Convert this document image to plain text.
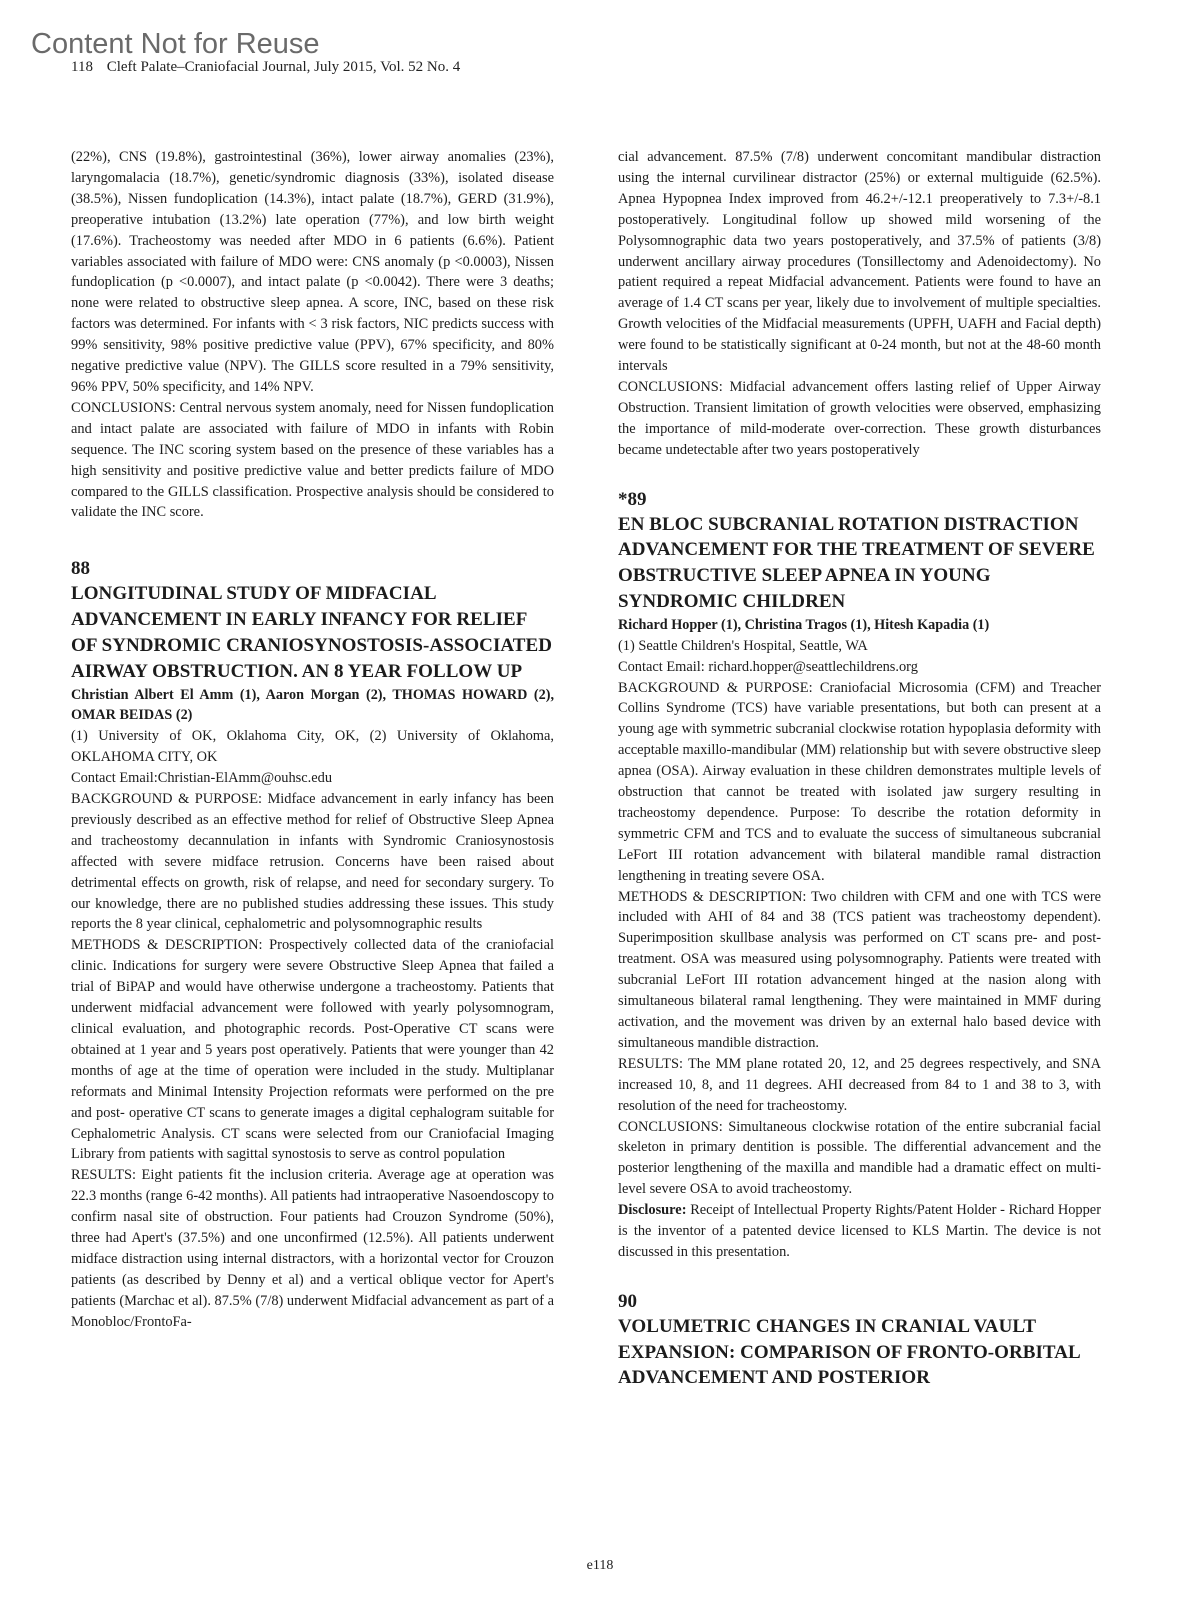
Content Not for Reuse
118 Cleft Palate–Craniofacial Journal, July 2015, Vol. 52 No. 4

(22%), CNS (19.8%), gastrointestinal (36%), lower airway anomalies (23%), laryngomalacia (18.7%), genetic/syndromic diagnosis (33%), isolated disease (38.5%), Nissen fundoplication (14.3%), intact palate (18.7%), GERD (31.9%), preoperative intubation (13.2%) late operation (77%), and low birth weight (17.6%). Tracheostomy was needed after MDO in 6 patients (6.6%). Patient variables associated with failure of MDO were: CNS anomaly (p <0.0003), Nissen fundoplication (p <0.0007), and intact palate (p <0.0042). There were 3 deaths; none were related to obstructive sleep apnea. A score, INC, based on these risk factors was determined. For infants with < 3 risk factors, NIC predicts success with 99% sensitivity, 98% positive predictive value (PPV), 67% specificity, and 80% negative predictive value (NPV). The GILLS score resulted in a 79% sensitivity, 96% PPV, 50% specificity, and 14% NPV.

CONCLUSIONS: Central nervous system anomaly, need for Nissen fundoplication and intact palate are associated with failure of MDO in infants with Robin sequence. The INC scoring system based on the presence of these variables has a high sensitivity and positive predictive value and better predicts failure of MDO compared to the GILLS classification. Prospective analysis should be considered to validate the INC score.

88

LONGITUDINAL STUDY OF MIDFACIAL ADVANCEMENT IN EARLY INFANCY FOR RELIEF OF SYNDROMIC CRANIOSYNOSTOSIS-ASSOCIATED AIRWAY OBSTRUCTION. AN 8 YEAR FOLLOW UP

Christian Albert El Amm (1), Aaron Morgan (2), THOMAS HOWARD (2), OMAR BEIDAS (2)

(1) University of OK, Oklahoma City, OK, (2) University of Oklahoma, OKLAHOMA CITY, OK

Contact Email:Christian-ElAmm@ouhsc.edu

BACKGROUND & PURPOSE: Midface advancement in early infancy has been previously described as an effective method for relief of Obstructive Sleep Apnea and tracheostomy decannulation in infants with Syndromic Craniosynostosis affected with severe midface retrusion. Concerns have been raised about detrimental effects on growth, risk of relapse, and need for secondary surgery. To our knowledge, there are no published studies addressing these issues. This study reports the 8 year clinical, cephalometric and polysomnographic results

METHODS & DESCRIPTION: Prospectively collected data of the craniofacial clinic. Indications for surgery were severe Obstructive Sleep Apnea that failed a trial of BiPAP and would have otherwise undergone a tracheostomy. Patients that underwent midfacial advancement were followed with yearly polysomnogram, clinical evaluation, and photographic records. Post-Operative CT scans were obtained at 1 year and 5 years post operatively. Patients that were younger than 42 months of age at the time of operation were included in the study. Multiplanar reformats and Minimal Intensity Projection reformats were performed on the pre and post- operative CT scans to generate images a digital cephalogram suitable for Cephalometric Analysis. CT scans were selected from our Craniofacial Imaging Library from patients with sagittal synostosis to serve as control population

RESULTS: Eight patients fit the inclusion criteria. Average age at operation was 22.3 months (range 6-42 months). All patients had intraoperative Nasoendoscopy to confirm nasal site of obstruction. Four patients had Crouzon Syndrome (50%), three had Apert's (37.5%) and one unconfirmed (12.5%). All patients underwent midface distraction using internal distractors, with a horizontal vector for Crouzon patients (as described by Denny et al) and a vertical oblique vector for Apert's patients (Marchac et al). 87.5% (7/8) underwent Midfacial advancement as part of a Monobloc/FrontoFa-

cial advancement. 87.5% (7/8) underwent concomitant mandibular distraction using the internal curvilinear distractor (25%) or external multiguide (62.5%). Apnea Hypopnea Index improved from 46.2+/-12.1 preoperatively to 7.3+/-8.1 postoperatively. Longitudinal follow up showed mild worsening of the Polysomnographic data two years postoperatively, and 37.5% of patients (3/8) underwent ancillary airway procedures (Tonsillectomy and Adenoidectomy). No patient required a repeat Midfacial advancement. Patients were found to have an average of 1.4 CT scans per year, likely due to involvement of multiple specialties. Growth velocities of the Midfacial measurements (UPFH, UAFH and Facial depth) were found to be statistically significant at 0-24 month, but not at the 48-60 month intervals

CONCLUSIONS: Midfacial advancement offers lasting relief of Upper Airway Obstruction. Transient limitation of growth velocities were observed, emphasizing the importance of mild-moderate over-correction. These growth disturbances became undetectable after two years postoperatively

*89

EN BLOC SUBCRANIAL ROTATION DISTRACTION ADVANCEMENT FOR THE TREATMENT OF SEVERE OBSTRUCTIVE SLEEP APNEA IN YOUNG SYNDROMIC CHILDREN

Richard Hopper (1), Christina Tragos (1), Hitesh Kapadia (1)

(1) Seattle Children's Hospital, Seattle, WA

Contact Email: richard.hopper@seattlechildrens.org

BACKGROUND & PURPOSE: Craniofacial Microsomia (CFM) and Treacher Collins Syndrome (TCS) have variable presentations, but both can present at a young age with symmetric subcranial clockwise rotation hypoplasia deformity with acceptable maxillo-mandibular (MM) relationship but with severe obstructive sleep apnea (OSA). Airway evaluation in these children demonstrates multiple levels of obstruction that cannot be treated with isolated jaw surgery resulting in tracheostomy dependence. Purpose: To describe the rotation deformity in symmetric CFM and TCS and to evaluate the success of simultaneous subcranial LeFort III rotation advancement with bilateral mandible ramal distraction lengthening in treating severe OSA.

METHODS & DESCRIPTION: Two children with CFM and one with TCS were included with AHI of 84 and 38 (TCS patient was tracheostomy dependent). Superimposition skullbase analysis was performed on CT scans pre- and post-treatment. OSA was measured using polysomnography. Patients were treated with subcranial LeFort III rotation advancement hinged at the nasion along with simultaneous bilateral ramal lengthening. They were maintained in MMF during activation, and the movement was driven by an external halo based device with simultaneous mandible distraction.

RESULTS: The MM plane rotated 20, 12, and 25 degrees respectively, and SNA increased 10, 8, and 11 degrees. AHI decreased from 84 to 1 and 38 to 3, with resolution of the need for tracheostomy.

CONCLUSIONS: Simultaneous clockwise rotation of the entire subcranial facial skeleton in primary dentition is possible. The differential advancement and the posterior lengthening of the maxilla and mandible had a dramatic effect on multi-level severe OSA to avoid tracheostomy.

Disclosure: Receipt of Intellectual Property Rights/Patent Holder - Richard Hopper is the inventor of a patented device licensed to KLS Martin. The device is not discussed in this presentation.

90

VOLUMETRIC CHANGES IN CRANIAL VAULT EXPANSION: COMPARISON OF FRONTO-ORBITAL ADVANCEMENT AND POSTERIOR

e118
